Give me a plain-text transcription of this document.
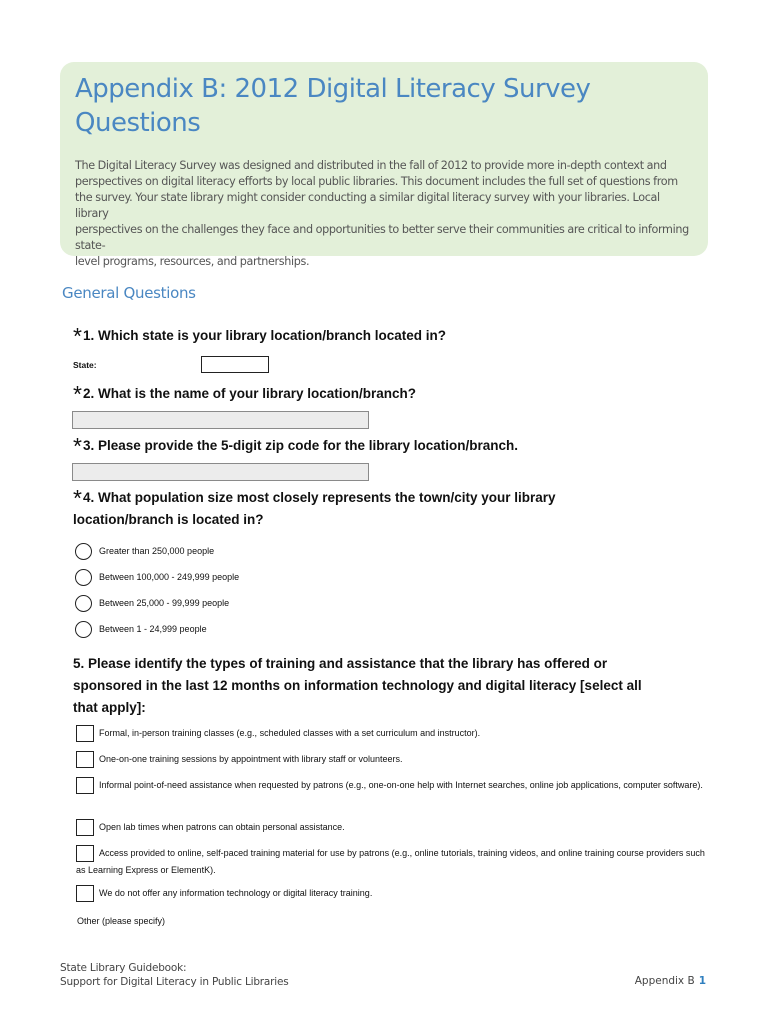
Appendix B: 2012 Digital Literacy Survey Questions

The Digital Literacy Survey was designed and distributed in the fall of 2012 to provide more in-depth context and
perspectives on digital literacy efforts by local public libraries. This document includes the full set of questions from
the survey. Your state library might consider conducting a similar digital literacy survey with your libraries. Local library
perspectives on the challenges they face and opportunities to better serve their communities are critical to informing state-
level programs, resources, and partnerships.

General Questions
*1. Which state is your library location/branch located in?
State:
*2. What is the name of your library location/branch?
*3. Please provide the 5-digit zip code for the library location/branch.
*4. What population size most closely represents the town/city your library
location/branch is located in?
Greater than 250,000 people
Between 100,000 - 249,999 people
Between 25,000 - 99,999 people
Between 1 - 24,999 people
5. Please identify the types of training and assistance that the library has offered or
sponsored in the last 12 months on information technology and digital literacy [select all
that apply]:
Formal, in-person training classes (e.g., scheduled classes with a set curriculum and instructor).
One-on-one training sessions by appointment with library staff or volunteers.
Informal point-of-need assistance when requested by patrons (e.g., one-on-one help with Internet searches, online job applications, computer software).
Open lab times when patrons can obtain personal assistance.
Access provided to online, self-paced training material for use by patrons (e.g., online tutorials, training videos, and online training course providers such as Learning Express or ElementK).
We do not offer any information technology or digital literacy training.
Other (please specify)
State Library Guidebook:
Support for Digital Literacy in Public Libraries	Appendix B 1
